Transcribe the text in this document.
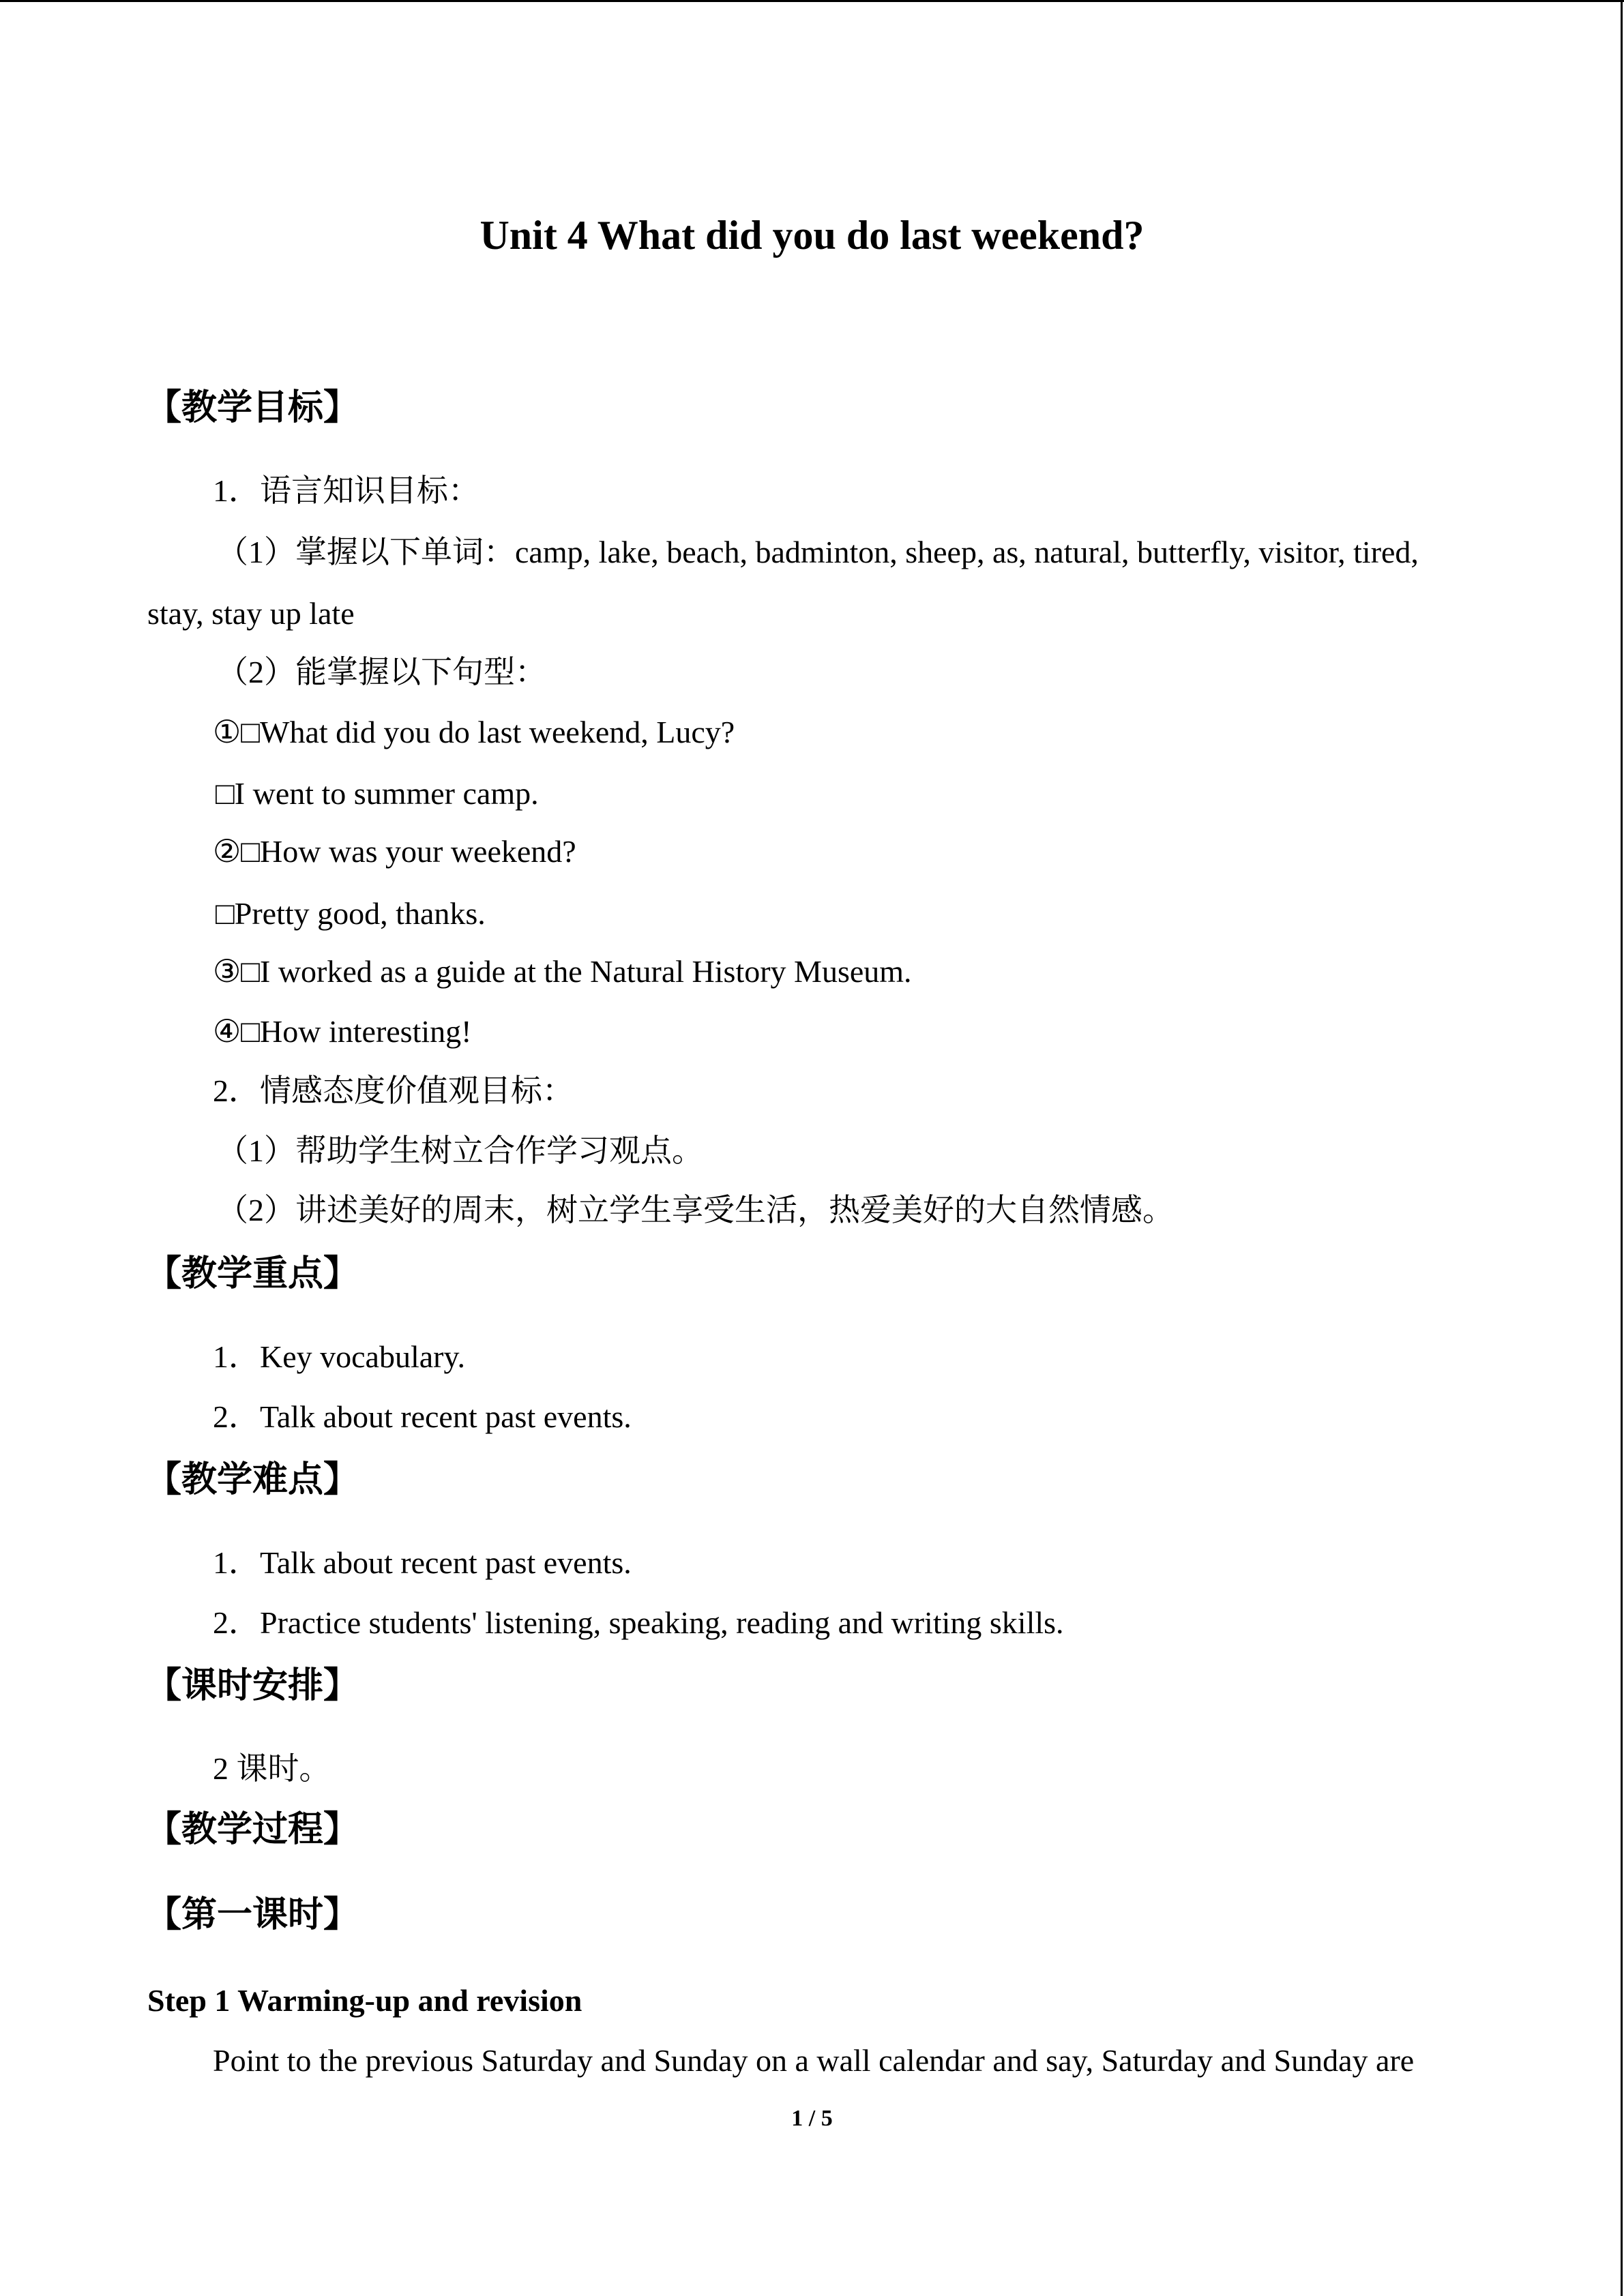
Unit 4 What did you do last weekend?
【教学目标】
1．语言知识目标：
（1）掌握以下单词：camp, lake, beach, badminton, sheep, as, natural, butterfly, visitor, tired,
stay, stay up late
（2）能掌握以下句型：
①□What did you do last weekend, Lucy?
□I went to summer camp.
②□How was your weekend?
□Pretty good, thanks.
③□I worked as a guide at the Natural History Museum.
④□How interesting!
2．情感态度价值观目标：
（1）帮助学生树立合作学习观点。
（2）讲述美好的周末，树立学生享受生活，热爱美好的大自然情感。
【教学重点】
1．Key vocabulary.
2．Talk about recent past events.
【教学难点】
1．Talk about recent past events.
2．Practice students' listening, speaking, reading and writing skills.
【课时安排】
2 课时。
【教学过程】
【第一课时】
Step 1 Warming-up and revision
Point to the previous Saturday and Sunday on a wall calendar and say, Saturday and Sunday are
1 / 5
